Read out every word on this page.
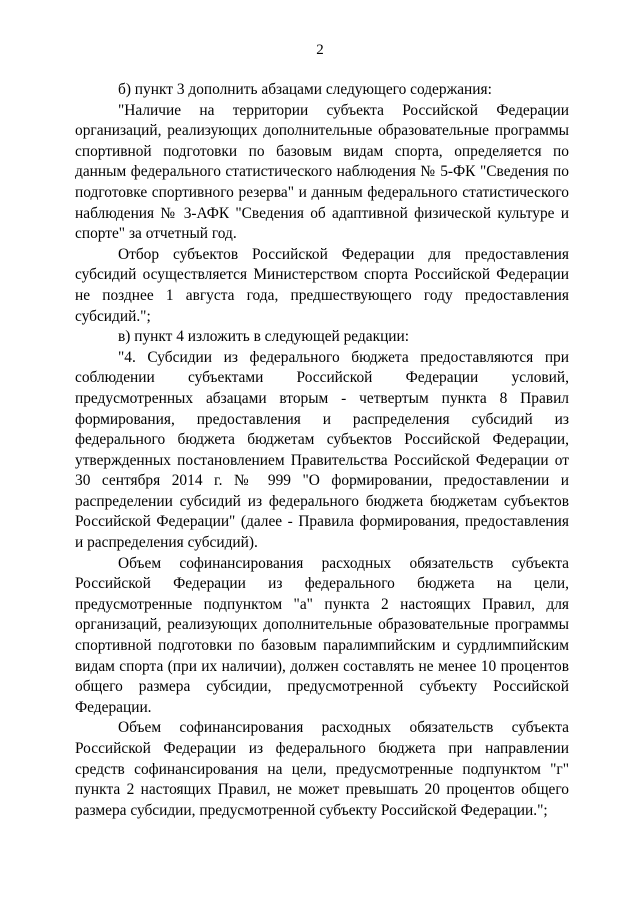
2

б) пункт 3 дополнить абзацами следующего содержания:

"Наличие на территории субъекта Российской Федерации организаций, реализующих дополнительные образовательные программы спортивной подготовки по базовым видам спорта, определяется по данным федерального статистического наблюдения № 5-ФК "Сведения по подготовке спортивного резерва" и данным федерального статистического наблюдения № 3-АФК "Сведения об адаптивной физической культуре и спорте" за отчетный год.

Отбор субъектов Российской Федерации для предоставления субсидий осуществляется Министерством спорта Российской Федерации не позднее 1 августа года, предшествующего году предоставления субсидий.";

в) пункт 4 изложить в следующей редакции:

"4. Субсидии из федерального бюджета предоставляются при соблюдении субъектами Российской Федерации условий, предусмотренных абзацами вторым - четвертым пункта 8 Правил формирования, предоставления и распределения субсидий из федерального бюджета бюджетам субъектов Российской Федерации, утвержденных постановлением Правительства Российской Федерации от 30 сентября 2014 г. № 999 "О формировании, предоставлении и распределении субсидий из федерального бюджета бюджетам субъектов Российской Федерации" (далее - Правила формирования, предоставления и распределения субсидий).

Объем софинансирования расходных обязательств субъекта Российской Федерации из федерального бюджета на цели, предусмотренные подпунктом "а" пункта 2 настоящих Правил, для организаций, реализующих дополнительные образовательные программы спортивной подготовки по базовым паралимпийским и сурдлимпийским видам спорта (при их наличии), должен составлять не менее 10 процентов общего размера субсидии, предусмотренной субъекту Российской Федерации.

Объем софинансирования расходных обязательств субъекта Российской Федерации из федерального бюджета при направлении средств софинансирования на цели, предусмотренные подпунктом "г" пункта 2 настоящих Правил, не может превышать 20 процентов общего размера субсидии, предусмотренной субъекту Российской Федерации.";
